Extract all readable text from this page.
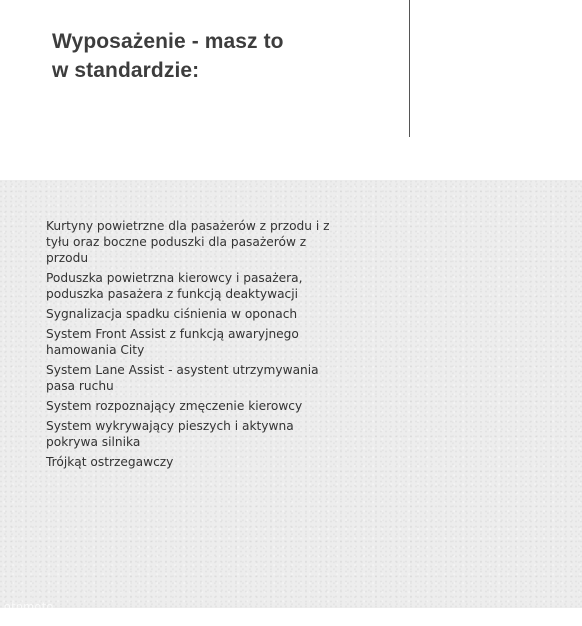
Wyposażenie - masz to
w standardzie:
Kurtyny powietrzne dla pasażerów z przodu i z
tyłu oraz boczne poduszki dla pasażerów z
przodu
Poduszka powietrzna kierowcy i pasażera,
poduszka pasażera z funkcją deaktywacji
Sygnalizacja spadku ciśnienia w oponach
System Front Assist z funkcją awaryjnego
hamowania City
System Lane Assist - asystent utrzymywania
pasa ruchu
System rozpoznający zmęczenie kierowcy
System wykrywający pieszych i aktywna
pokrywa silnika
Trójkąt ostrzegawczy
otomoto
